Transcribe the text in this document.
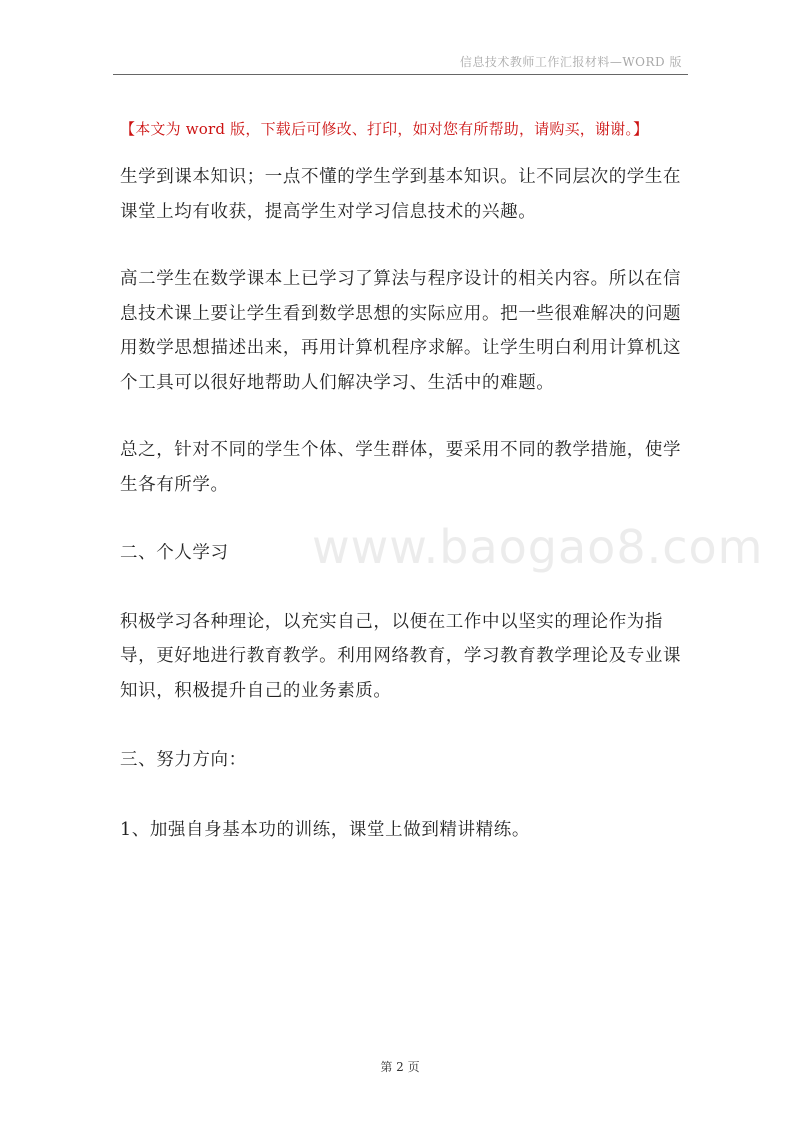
信息技术教师工作汇报材料—WORD 版
【本文为 word 版，下载后可修改、打印，如对您有所帮助，请购买，谢谢。】

生学到课本知识；一点不懂的学生学到基本知识。让不同层次的学生在课堂上均有收获，提高学生对学习信息技术的兴趣。

高二学生在数学课本上已学习了算法与程序设计的相关内容。所以在信息技术课上要让学生看到数学思想的实际应用。把一些很难解决的问题用数学思想描述出来，再用计算机程序求解。让学生明白利用计算机这个工具可以很好地帮助人们解决学习、生活中的难题。

总之，针对不同的学生个体、学生群体，要采用不同的教学措施，使学生各有所学。

二、个人学习

积极学习各种理论，以充实自己，以便在工作中以坚实的理论作为指导，更好地进行教育教学。利用网络教育，学习教育教学理论及专业课知识，积极提升自己的业务素质。

三、努力方向：

1、加强自身基本功的训练，课堂上做到精讲精练。

www.baogao8.com
第 2 页
